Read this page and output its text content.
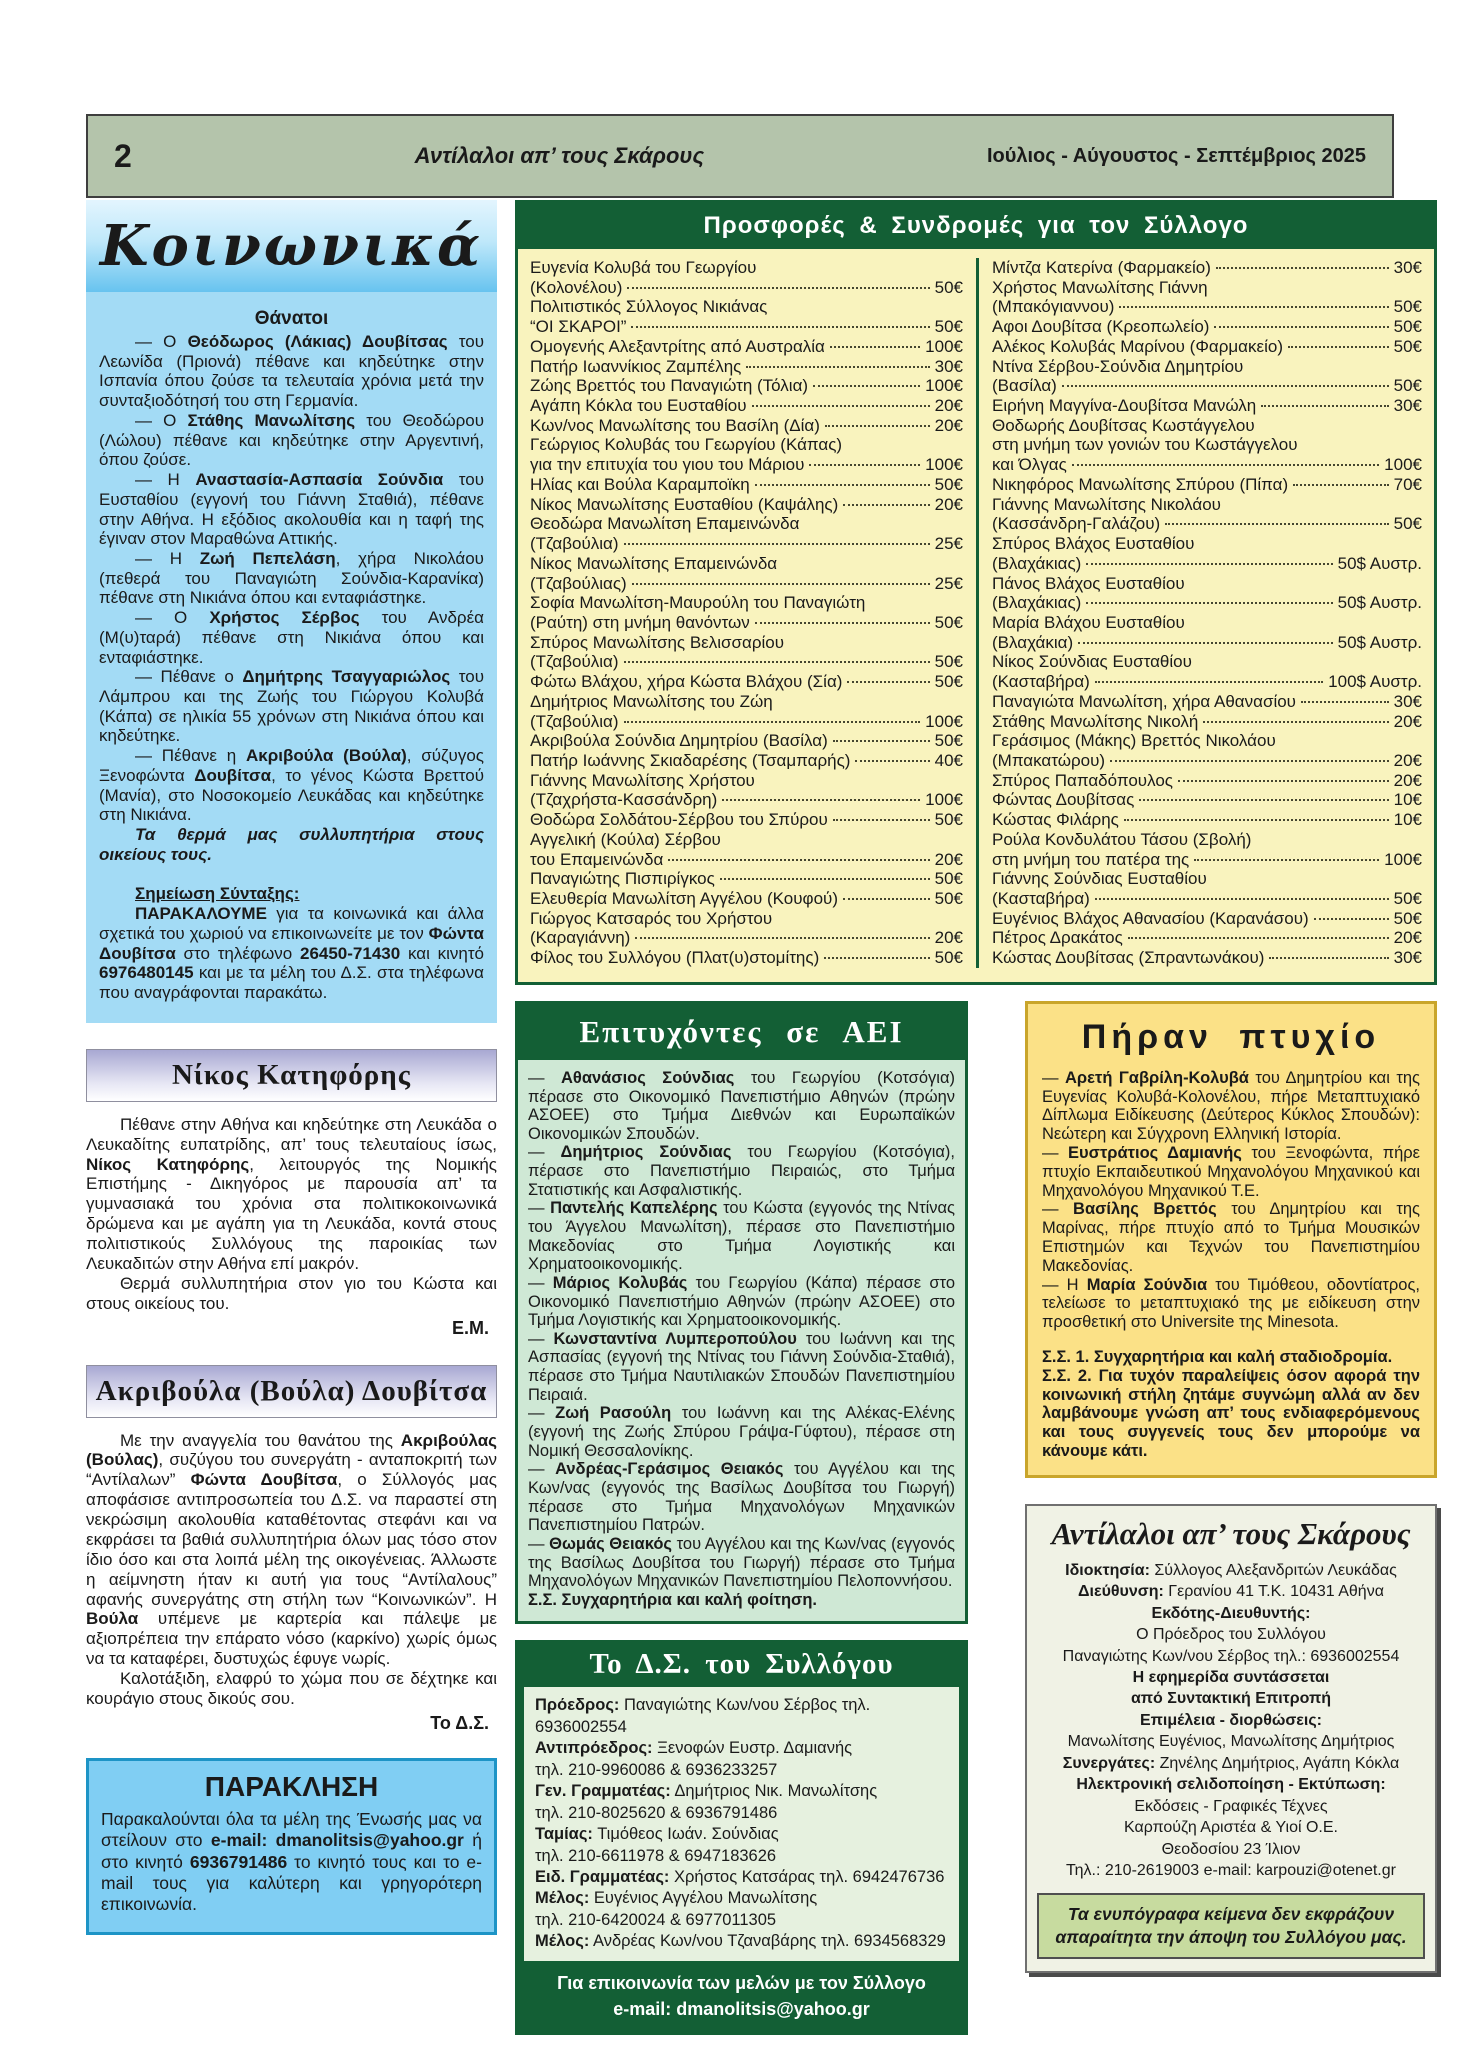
2	Αντίλαλοι απ’ τους Σκάρους	Ιούλιος - Αύγουστος - Σεπτέμβριος 2025
Κοινωνικά
Θάνατοι

— Ο Θεόδωρος (Λάκιας) Δουβίτσας του Λεωνίδα (Πριονά) πέθανε και κηδεύτηκε στην Ισπανία όπου ζούσε τα τελευταία χρόνια μετά την συνταξιοδότησή του στη Γερμανία.

— Ο Στάθης Μανωλίτσης του Θεοδώρου (Λώλου) πέθανε και κηδεύτηκε στην Αργεντινή, όπου ζούσε.

— Η Αναστασία-Ασπασία Σούνδια του Ευσταθίου (εγγονή του Γιάννη Σταθιά), πέθανε στην Αθήνα. Η εξόδιος ακολουθία και η ταφή της έγιναν στον Μαραθώνα Αττικής.

— Η Ζωή Πεπελάση, χήρα Νικολάου (πεθερά του Παναγιώτη Σούνδια-Καρανίκα) πέθανε στη Νικιάνα όπου και ενταφιάστηκε.

— Ο Χρήστος Σέρβος του Ανδρέα (Μ(υ)ταρά) πέθανε στη Νικιάνα όπου και ενταφιάστηκε.

— Πέθανε ο Δημήτρης Τσαγγαριώλος του Λάμπρου και της Ζωής του Γιώργου Κολυβά (Κάπα) σε ηλικία 55 χρόνων στη Νικιάνα όπου και κηδεύτηκε.

— Πέθανε η Ακριβούλα (Βούλα), σύζυγος Ξενοφώντα Δουβίτσα, το γένος Κώστα Βρεττού (Μανία), στο Νοσοκομείο Λευκάδας και κηδεύτηκε στη Νικιάνα.

Τα θερμά μας συλλυπητήρια στους οικείους τους.

Σημείωση Σύνταξης:

ΠΑΡΑΚΑΛΟΥΜΕ για τα κοινωνικά και άλλα σχετικά του χωριού να επικοινωνείτε με τον Φώντα Δουβίτσα στο τηλέφωνο 26450-71430 και κινητό 6976480145 και με τα μέλη του Δ.Σ. στα τηλέφωνα που αναγράφονται παρακάτω.

Νίκος Κατηφόρης

Πέθανε στην Αθήνα και κηδεύτηκε στη Λευκάδα ο Λευκαδίτης ευπατρίδης, απ’ τους τελευταίους ίσως, Νίκος Κατηφόρης, λειτουργός της Νομικής Επιστήμης - Δικηγόρος με παρουσία απ’ τα γυμνασιακά του χρόνια στα πολιτικοκοινωνικά δρώμενα και με αγάπη για τη Λευκάδα, κοντά στους πολιτιστικούς Συλλόγους της παροικίας των Λευκαδιτών στην Αθήνα επί μακρόν.

Θερμά συλλυπητήρια στον γιο του Κώστα και στους οικείους του.

Ε.Μ.
Ακριβούλα (Βούλα) Δουβίτσα

Με την αναγγελία του θανάτου της Ακριβούλας (Βούλας), συζύγου του συνεργάτη - ανταποκριτή των “Αντίλαλων” Φώντα Δουβίτσα, ο Σύλλογός μας αποφάσισε αντιπροσωπεία του Δ.Σ. να παραστεί στη νεκρώσιμη ακολουθία καταθέτοντας στεφάνι και να εκφράσει τα βαθιά συλλυπητήρια όλων μας τόσο στον ίδιο όσο και στα λοιπά μέλη της οικογένειας. Άλλωστε η αείμνηστη ήταν κι αυτή για τους “Αντίλαλους” αφανής συνεργάτης στη στήλη των “Κοινωνικών”. Η Βούλα υπέμενε με καρτερία και πάλεψε με αξιοπρέπεια την επάρατο νόσο (καρκίνο) χωρίς όμως να τα καταφέρει, δυστυχώς έφυγε νωρίς.

Καλοτάξιδη, ελαφρύ το χώμα που σε δέχτηκε και κουράγιο στους δικούς σου.

Το Δ.Σ.
ΠΑΡΑΚΛΗΣΗ
Παρακαλούνται όλα τα μέλη της Ένωσής μας να στείλουν στο e-mail: dmanolitsis@yahoo.gr ή στο κινητό 6936791486 το κινητό τους και το e-mail τους για καλύτερη και γρηγορότερη επικοινωνία.
Προσφορές & Συνδρομές για τον Σύλλογο
Ευγενία Κολυβά του Γεωργίου
(Κολονέλου)	50€
Πολιτιστικός Σύλλογος Νικιάνας
“ΟΙ ΣΚΑΡΟΙ”	50€
Ομογενής Αλεξαντρίτης από Αυστραλία	100€
Πατήρ Ιωαννίκιος Ζαμπέλης	30€
Ζώης Βρεττός του Παναγιώτη (Τόλια)	100€
Αγάπη Κόκλα του Ευσταθίου	20€
Κων/νος Μανωλίτσης του Βασίλη (Δία)	20€
Γεώργιος Κολυβάς του Γεωργίου (Κάπας)
για την επιτυχία του γιου του Μάριου	100€
Ηλίας και Βούλα Καραμποϊκη	50€
Νίκος Μανωλίτσης Ευσταθίου (Καψάλης)	20€
Θεοδώρα Μανωλίτση Επαμεινώνδα
(Τζαβούλια)	25€
Νίκος Μανωλίτσης Επαμεινώνδα
(Τζαβούλιας)	25€
Σοφία Μανωλίτση-Μαυρούλη του Παναγιώτη
(Ραύτη) στη μνήμη θανόντων	50€
Σπύρος Μανωλίτσης Βελισσαρίου
(Τζαβούλια)	50€
Φώτω Βλάχου, χήρα Κώστα Βλάχου (Σία)	50€
Δημήτριος Μανωλίτσης του Ζώη
(Τζαβούλια)	100€
Ακριβούλα Σούνδια Δημητρίου (Βασίλα)	50€
Πατήρ Ιωάννης Σκιαδαρέσης (Τσαμπαρής)	40€
Γιάννης Μανωλίτσης Χρήστου
(Τζαχρήστα-Κασσάνδρη)	100€
Θοδώρα Σολδάτου-Σέρβου του Σπύρου	50€
Αγγελική (Κούλα) Σέρβου
του Επαμεινώνδα	20€
Παναγιώτης Πισπιρίγκος	50€
Ελευθερία Μανωλίτση Αγγέλου (Κουφού)	50€
Γιώργος Κατσαρός του Χρήστου
(Καραγιάννη)	20€
Φίλος του Συλλόγου (Πλατ(υ)στομίτης)	50€
Μίντζα Κατερίνα (Φαρμακείο)	30€
Χρήστος Μανωλίτσης Γιάννη
(Μπακόγιαννου)	50€
Αφοι Δουβίτσα (Κρεοπωλείο)	50€
Αλέκος Κολυβάς Μαρίνου (Φαρμακείο)	50€
Ντίνα Σέρβου-Σούνδια Δημητρίου
(Βασίλα)	50€
Ειρήνη Μαγγίνα-Δουβίτσα Μανώλη	30€
Θοδωρής Δουβίτσας Κωστάγγελου
στη μνήμη των γονιών του Κωστάγγελου
και Όλγας	100€
Νικηφόρος Μανωλίτσης Σπύρου (Πίπα)	70€
Γιάννης Μανωλίτσης Νικολάου
(Κασσάνδρη-Γαλάζου)	50€
Σπύρος Βλάχος Ευσταθίου
(Βλαχάκιας)	50$ Αυστρ.
Πάνος Βλάχος Ευσταθίου
(Βλαχάκιας)	50$ Αυστρ.
Μαρία Βλάχου Ευσταθίου
(Βλαχάκια)	50$ Αυστρ.
Νίκος Σούνδιας Ευσταθίου
(Κασταβήρα)	100$ Αυστρ.
Παναγιώτα Μανωλίτση, χήρα Αθανασίου	30€
Στάθης Μανωλίτσης Νικολή	20€
Γεράσιμος (Μάκης) Βρεττός Νικολάου
(Μπακατώρου)	20€
Σπύρος Παπαδόπουλος	20€
Φώντας Δουβίτσας	10€
Κώστας Φιλάρης	10€
Ρούλα Κονδυλάτου Τάσου (Σβολή)
στη μνήμη του πατέρα της	100€
Γιάννης Σούνδιας Ευσταθίου
(Κασταβήρα)	50€
Ευγένιος Βλάχος Αθανασίου (Καρανάσου)	50€
Πέτρος Δρακάτος	20€
Κώστας Δουβίτσας (Σπραντωνάκου)	30€
Επιτυχόντες σε ΑΕΙ

— Αθανάσιος Σούνδιας του Γεωργίου (Κοτσόγια) πέρασε στο Οικονομικό Πανεπιστήμιο Αθηνών (πρώην ΑΣΟΕΕ) στο Τμήμα Διεθνών και Ευρωπαϊκών Οικονομικών Σπουδών.

— Δημήτριος Σούνδιας του Γεωργίου (Κοτσόγια), πέρασε στο Πανεπιστήμιο Πειραιώς, στο Τμήμα Στατιστικής και Ασφαλιστικής.

— Παντελής Καπελέρης του Κώστα (εγγονός της Ντίνας του Άγγελου Μανωλίτση), πέρασε στο Πανεπιστήμιο Μακεδονίας στο Τμήμα Λογιστικής και Χρηματοοικονομικής.

— Μάριος Κολυβάς του Γεωργίου (Κάπα) πέρασε στο Οικονομικό Πανεπιστήμιο Αθηνών (πρώην ΑΣΟΕΕ) στο Τμήμα Λογιστικής και Χρηματοοικονομικής.

— Κωνσταντίνα Λυμπεροπούλου του Ιωάννη και της Ασπασίας (εγγονή της Ντίνας του Γιάννη Σούνδια-Σταθιά), πέρασε στο Τμήμα Ναυτιλιακών Σπουδών Πανεπιστημίου Πειραιά.

— Ζωή Ρασούλη του Ιωάννη και της Αλέκας-Ελένης (εγγονή της Ζωής Σπύρου Γράψα-Γύφτου), πέρασε στη Νομική Θεσσαλονίκης.

— Ανδρέας-Γεράσιμος Θειακός του Αγγέλου και της Κων/νας (εγγονός της Βασίλως Δουβίτσα του Γιωργή) πέρασε στο Τμήμα Μηχανολόγων Μηχανικών Πανεπιστημίου Πατρών.

— Θωμάς Θειακός του Αγγέλου και της Κων/νας (εγγονός της Βασίλως Δουβίτσα του Γιωργή) πέρασε στο Τμήμα Μηχανολόγων Μηχανικών Πανεπιστημίου Πελοποννήσου.

Σ.Σ. Συγχαρητήρια και καλή φοίτηση.

Το Δ.Σ. του Συλλόγου

Πρόεδρος: Παναγιώτης Κων/νου Σέρβος τηλ. 6936002554

Αντιπρόεδρος: Ξενοφών Ευστρ. Δαμιανής
τηλ. 210-9960086 & 6936233257

Γεν. Γραμματέας: Δημήτριος Νικ. Μανωλίτσης
τηλ. 210-8025620 & 6936791486

Ταμίας: Τιμόθεος Ιωάν. Σούνδιας
τηλ. 210-6611978 & 6947183626

Ειδ. Γραμματέας: Χρήστος Κατσάρας τηλ. 6942476736

Μέλος: Ευγένιος Αγγέλου Μανωλίτσης
τηλ. 210-6420024 & 6977011305

Μέλος: Ανδρέας Κων/νου Τζαναβάρης τηλ. 6934568329

Για επικοινωνία των μελών με τον Σύλλογο
e-mail: dmanolitsis@yahoo.gr
Πήραν πτυχίο

— Αρετή Γαβρίλη-Κολυβά του Δημητρίου και της Ευγενίας Κολυβά-Κολονέλου, πήρε Μεταπτυχιακό Δίπλωμα Ειδίκευσης (Δεύτερος Κύκλος Σπουδών): Νεώτερη και Σύγχρονη Ελληνική Ιστορία.

— Ευστράτιος Δαμιανής του Ξενοφώντα, πήρε πτυχίο Εκπαιδευτικού Μηχανολόγου Μηχανικού και Μηχανολόγου Μηχανικού Τ.Ε.

— Βασίλης Βρεττός του Δημητρίου και της Μαρίνας, πήρε πτυχίο από το Τμήμα Μουσικών Επιστημών και Τεχνών του Πανεπιστημίου Μακεδονίας.

— Η Μαρία Σούνδια του Τιμόθεου, οδοντίατρος, τελείωσε το μεταπτυχιακό της με ειδίκευση στην προσθετική στο Universite της Minesota.

Σ.Σ. 1. Συγχαρητήρια και καλή σταδιοδρομία.

Σ.Σ. 2. Για τυχόν παραλείψεις όσον αφορά την κοινωνική στήλη ζητάμε συγνώμη αλλά αν δεν λαμβάνουμε γνώση απ’ τους ενδιαφερόμενους και τους συγγενείς τους δεν μπορούμε να κάνουμε κάτι.

Αντίλαλοι απ’ τους Σκάρους

Ιδιοκτησία: Σύλλογος Αλεξανδριτών Λευκάδας

Διεύθυνση: Γερανίου 41 Τ.Κ. 10431 Αθήνα

Εκδότης-Διευθυντής:

Ο Πρόεδρος του Συλλόγου

Παναγιώτης Κων/νου Σέρβος τηλ.: 6936002554

Η εφημερίδα συντάσσεται

από Συντακτική Επιτροπή

Επιμέλεια - διορθώσεις:

Μανωλίτσης Ευγένιος, Μανωλίτσης Δημήτριος

Συνεργάτες: Ζηνέλης Δημήτριος, Αγάπη Κόκλα

Ηλεκτρονική σελιδοποίηση - Εκτύπωση:

Εκδόσεις - Γραφικές Τέχνες

Καρπούζη Αριστέα & Υιοί Ο.Ε.

Θεοδοσίου 23 Ίλιον

Τηλ.: 210-2619003 e-mail: karpouzi@otenet.gr

Τα ενυπόγραφα κείμενα δεν εκφράζουν απαραίτητα την άποψη του Συλλόγου μας.
